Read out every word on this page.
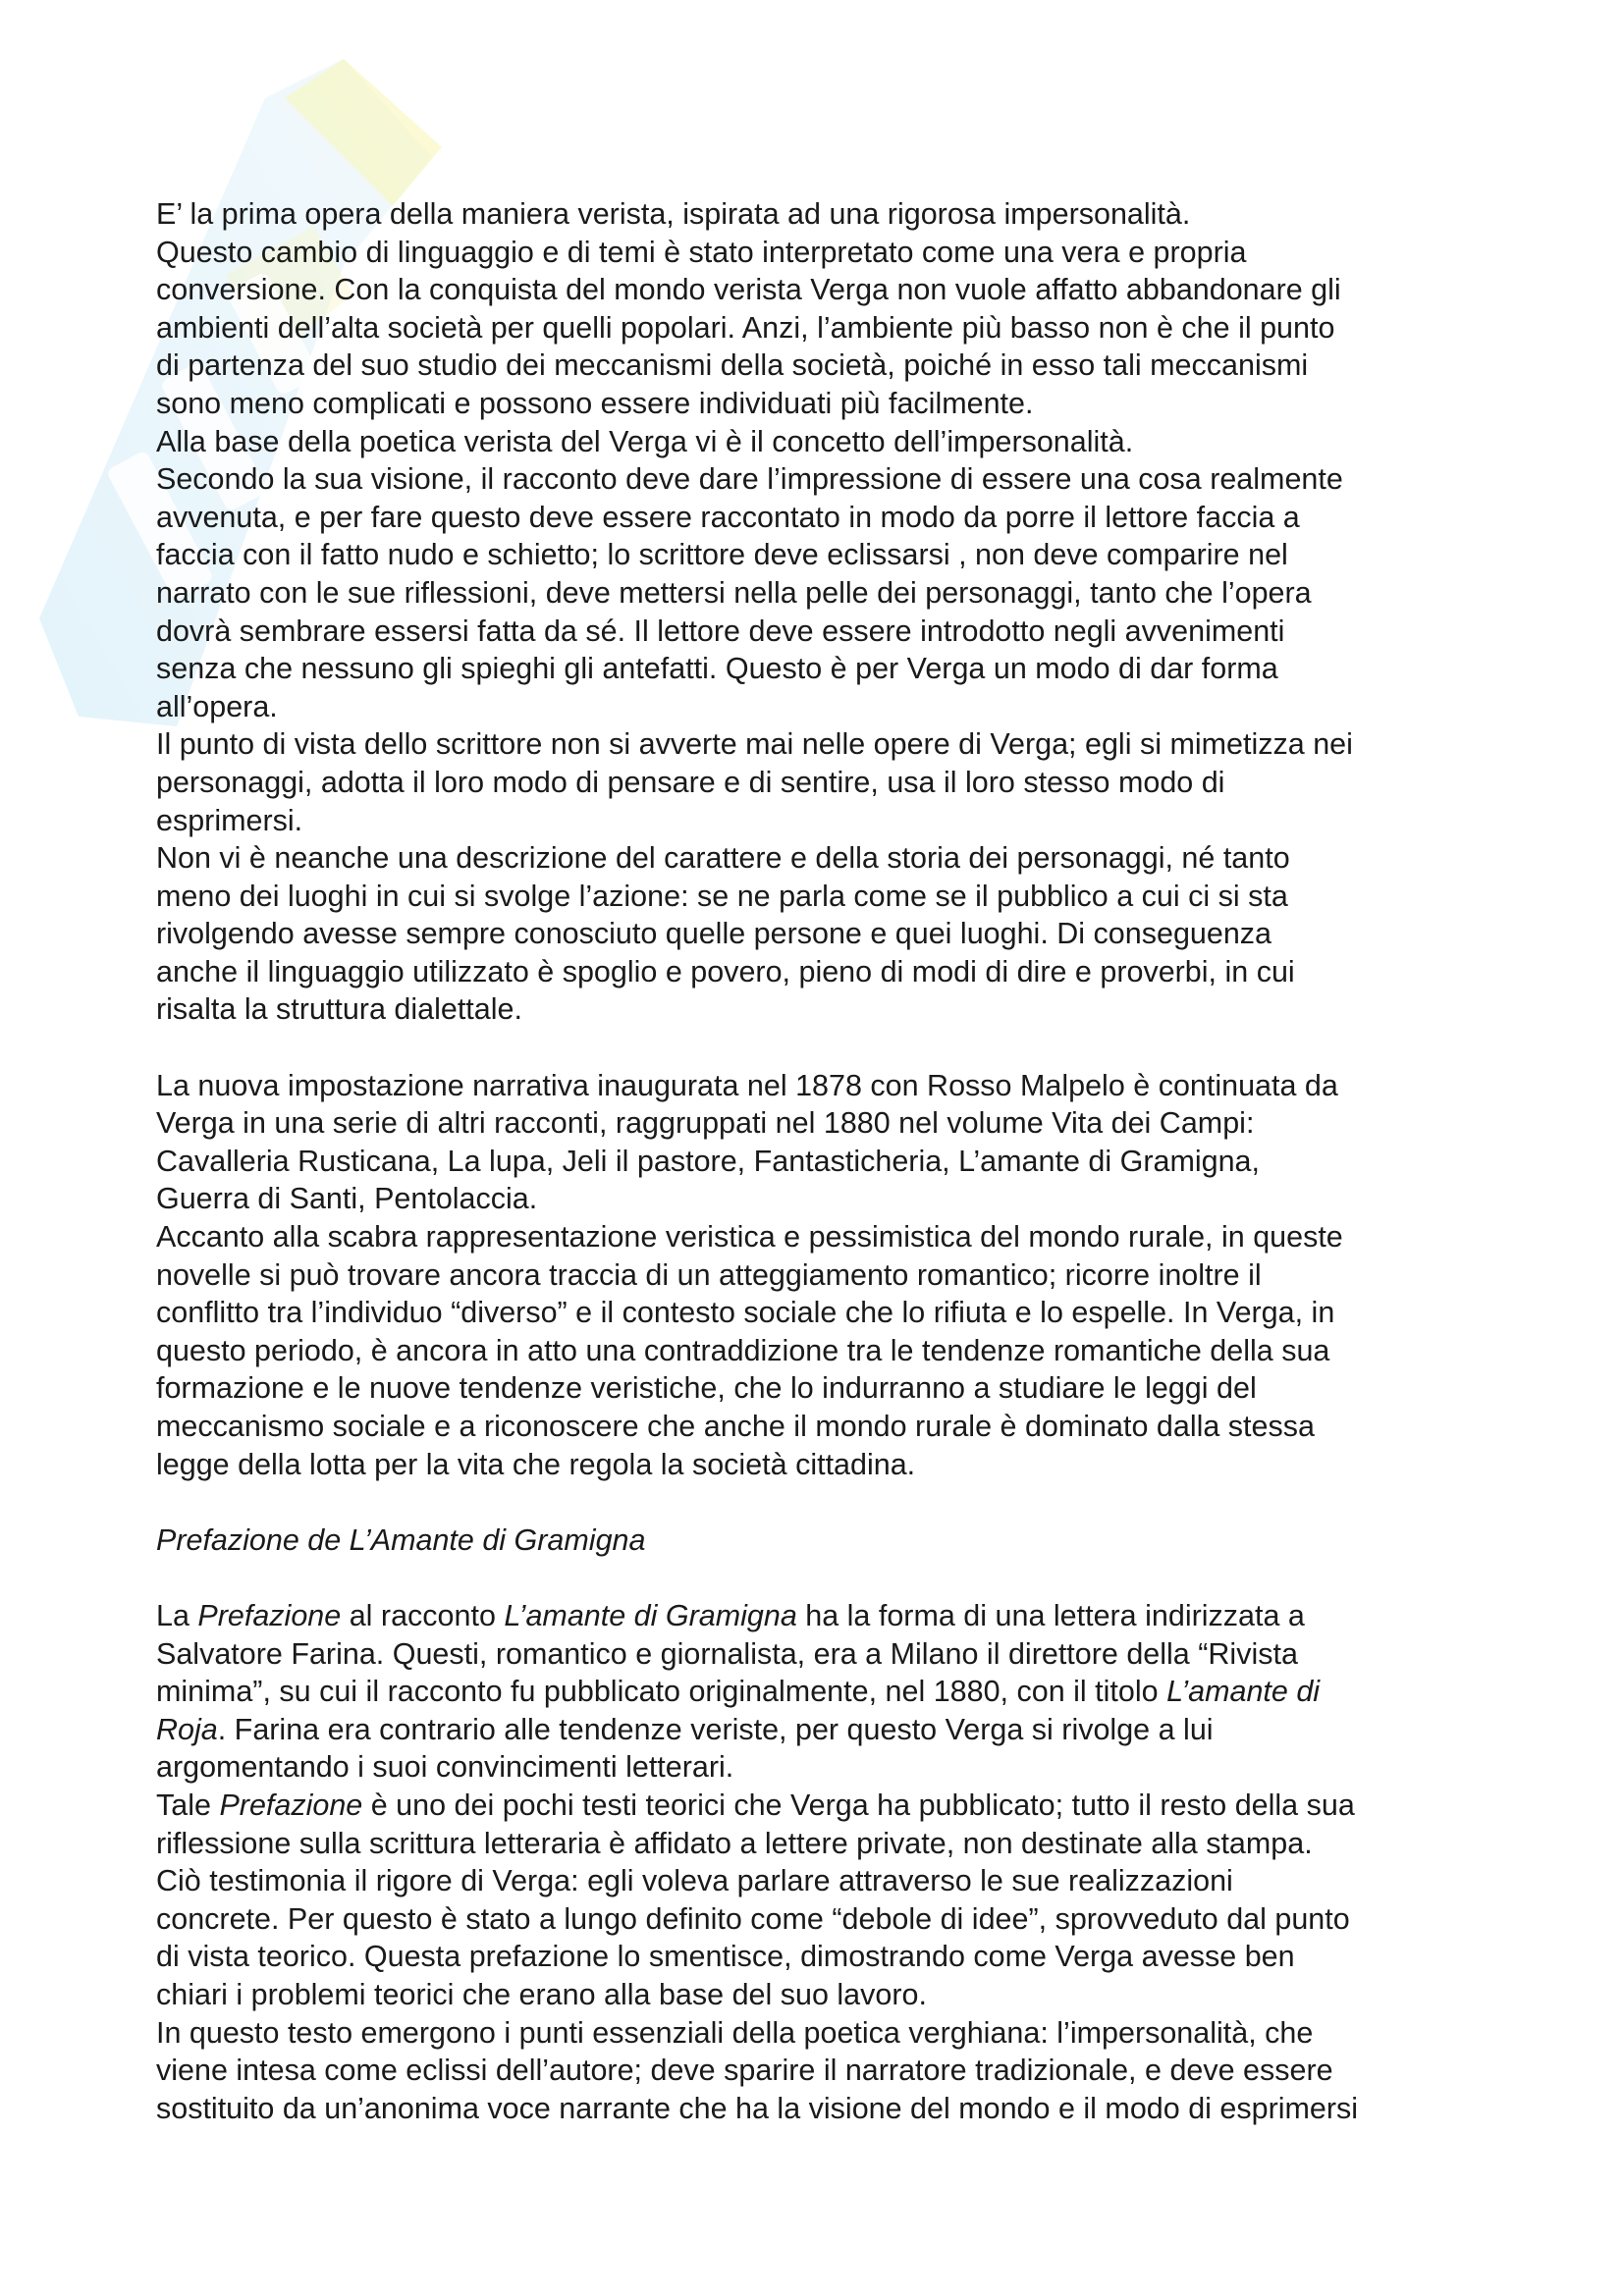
E’ la prima opera della maniera verista, ispirata ad una rigorosa impersonalità.

Questo cambio di linguaggio e di temi è stato interpretato come una vera e propria
conversione. Con la conquista del mondo verista Verga non vuole affatto abbandonare gli
ambienti dell’alta società per quelli popolari. Anzi, l’ambiente più basso non è che il punto
di partenza del suo studio dei meccanismi della società, poiché in esso tali meccanismi
sono meno complicati e possono essere individuati più facilmente.

Alla base della poetica verista del Verga vi è il concetto dell’impersonalità.

Secondo la sua visione, il racconto deve dare l’impressione di essere una cosa realmente
avvenuta, e per fare questo deve essere raccontato in modo da porre il lettore faccia a
faccia con il fatto nudo e schietto; lo scrittore deve eclissarsi , non deve comparire nel
narrato con le sue riflessioni, deve mettersi nella pelle dei personaggi, tanto che l’opera
dovrà sembrare essersi fatta da sé. Il lettore deve essere introdotto negli avvenimenti
senza che nessuno gli spieghi gli antefatti. Questo è per Verga un modo di dar forma
all’opera.

Il punto di vista dello scrittore non si avverte mai nelle opere di Verga; egli si mimetizza nei
personaggi, adotta il loro modo di pensare e di sentire, usa il loro stesso modo di
esprimersi.

Non vi è neanche una descrizione del carattere e della storia dei personaggi, né tanto
meno dei luoghi in cui si svolge l’azione: se ne parla come se il pubblico a cui ci si sta
rivolgendo avesse sempre conosciuto quelle persone e quei luoghi. Di conseguenza
anche il linguaggio utilizzato è spoglio e povero, pieno di modi di dire e proverbi, in cui
risalta la struttura dialettale.

La nuova impostazione narrativa inaugurata nel 1878 con Rosso Malpelo è continuata da
Verga in una serie di altri racconti, raggruppati nel 1880 nel volume Vita dei Campi:
Cavalleria Rusticana, La lupa, Jeli il pastore, Fantasticheria, L’amante di Gramigna,
Guerra di Santi, Pentolaccia.

Accanto alla scabra rappresentazione veristica e pessimistica del mondo rurale, in queste
novelle si può trovare ancora traccia di un atteggiamento romantico; ricorre inoltre il
conflitto tra l’individuo “diverso” e il contesto sociale che lo rifiuta e lo espelle. In Verga, in
questo periodo, è ancora in atto una contraddizione tra le tendenze romantiche della sua
formazione e le nuove tendenze veristiche, che lo indurranno a studiare le leggi del
meccanismo sociale e a riconoscere che anche il mondo rurale è dominato dalla stessa
legge della lotta per la vita che regola la società cittadina.

Prefazione de L’Amante di Gramigna

La Prefazione al racconto L’amante di Gramigna ha la forma di una lettera indirizzata a
Salvatore Farina. Questi, romantico e giornalista, era a Milano il direttore della “Rivista
minima”, su cui il racconto fu pubblicato originalmente, nel 1880, con il titolo L’amante di
Roja. Farina era contrario alle tendenze veriste, per questo Verga si rivolge a lui
argomentando i suoi convincimenti letterari.

Tale Prefazione è uno dei pochi testi teorici che Verga ha pubblicato; tutto il resto della sua
riflessione sulla scrittura letteraria è affidato a lettere private, non destinate alla stampa.
Ciò testimonia il rigore di Verga: egli voleva parlare attraverso le sue realizzazioni
concrete. Per questo è stato a lungo definito come “debole di idee”, sprovveduto dal punto
di vista teorico. Questa prefazione lo smentisce, dimostrando come Verga avesse ben
chiari i problemi teorici che erano alla base del suo lavoro.

In questo testo emergono i punti essenziali della poetica verghiana: l’impersonalità, che
viene intesa come eclissi dell’autore; deve sparire il narratore tradizionale, e deve essere
sostituito da un’anonima voce narrante che ha la visione del mondo e il modo di esprimersi
